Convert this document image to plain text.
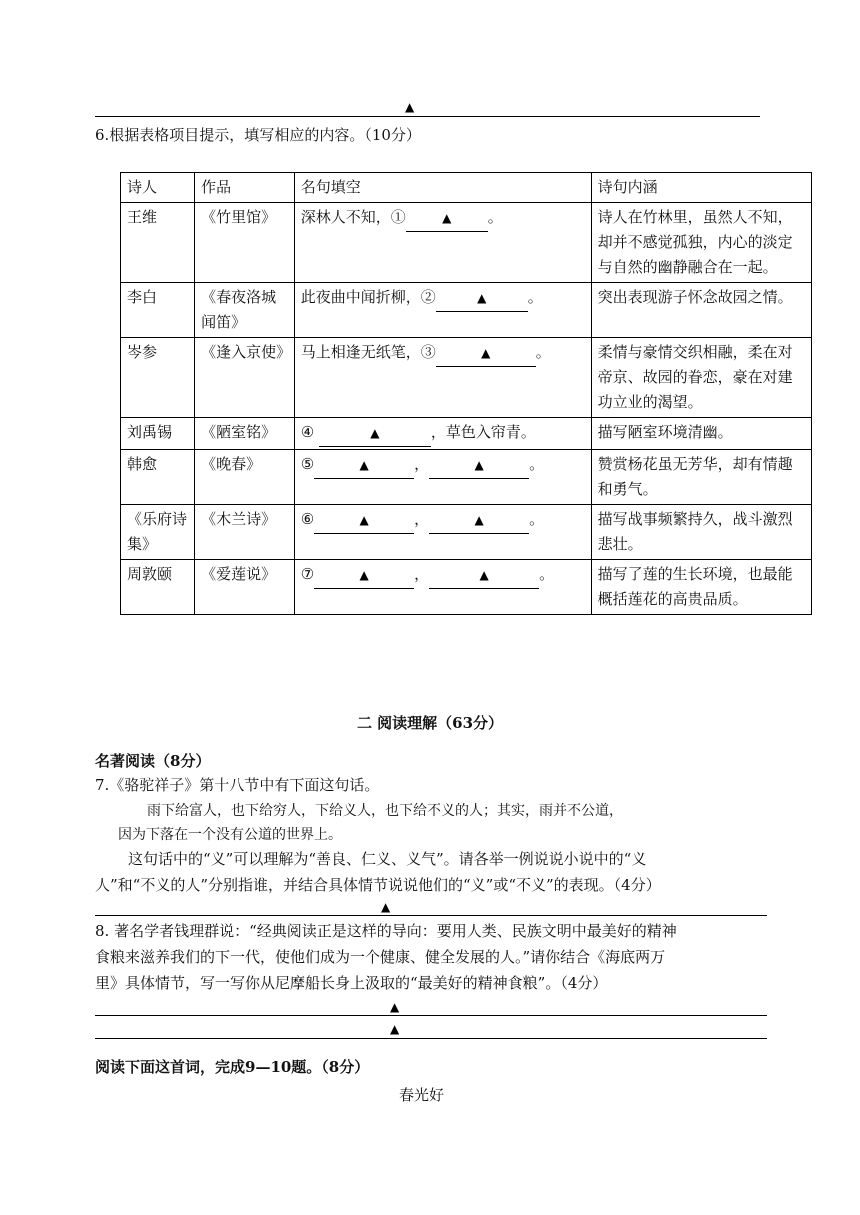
▲
6.根据表格项目提示，填写相应的内容。（10分）
诗人	作品	名句填空	诗句内涵
王维	《竹里馆》	深林人不知，① ▲ 。	诗人在竹林里，虽然人不知，却并不感觉孤独，内心的淡定与自然的幽静融合在一起。
李白	《春夜洛城闻笛》	此夜曲中闻折柳，② ▲ 。	突出表现游子怀念故园之情。
岑参	《逢入京使》	马上相逢无纸笔，③ ▲ 。	柔情与豪情交织相融，柔在对帝京、故园的眷恋，豪在对建功立业的渴望。
刘禹锡	《陋室铭》	④ ▲ ，草色入帘青。	描写陋室环境清幽。
韩愈	《晚春》	⑤ ▲ ， ▲ 。	赞赏杨花虽无芳华，却有情趣和勇气。
《乐府诗集》	《木兰诗》	⑥ ▲ ， ▲ 。	描写战事频繁持久，战斗激烈悲壮。
周敦颐	《爱莲说》	⑦ ▲ ， ▲ 。	描写了莲的生长环境，也最能概括莲花的高贵品质。
二 阅读理解（63分）
名著阅读（8分）
7.《骆驼祥子》第十八节中有下面这句话。
雨下给富人，也下给穷人，下给义人，也下给不义的人；其实，雨并不公道，
因为下落在一个没有公道的世界上。
这句话中的“义”可以理解为“善良、仁义、义气”。请各举一例说说小说中的“义
人”和“不义的人”分别指谁，并结合具体情节说说他们的“义”或“不义”的表现。（4分）
▲
8. 著名学者钱理群说：“经典阅读正是这样的导向：要用人类、民族文明中最美好的精神
食粮来滋养我们的下一代，使他们成为一个健康、健全发展的人。”请你结合《海底两万
里》具体情节，写一写你从尼摩船长身上汲取的“最美好的精神食粮”。（4分）
▲
▲
阅读下面这首词，完成9—10题。（8分）
春光好
